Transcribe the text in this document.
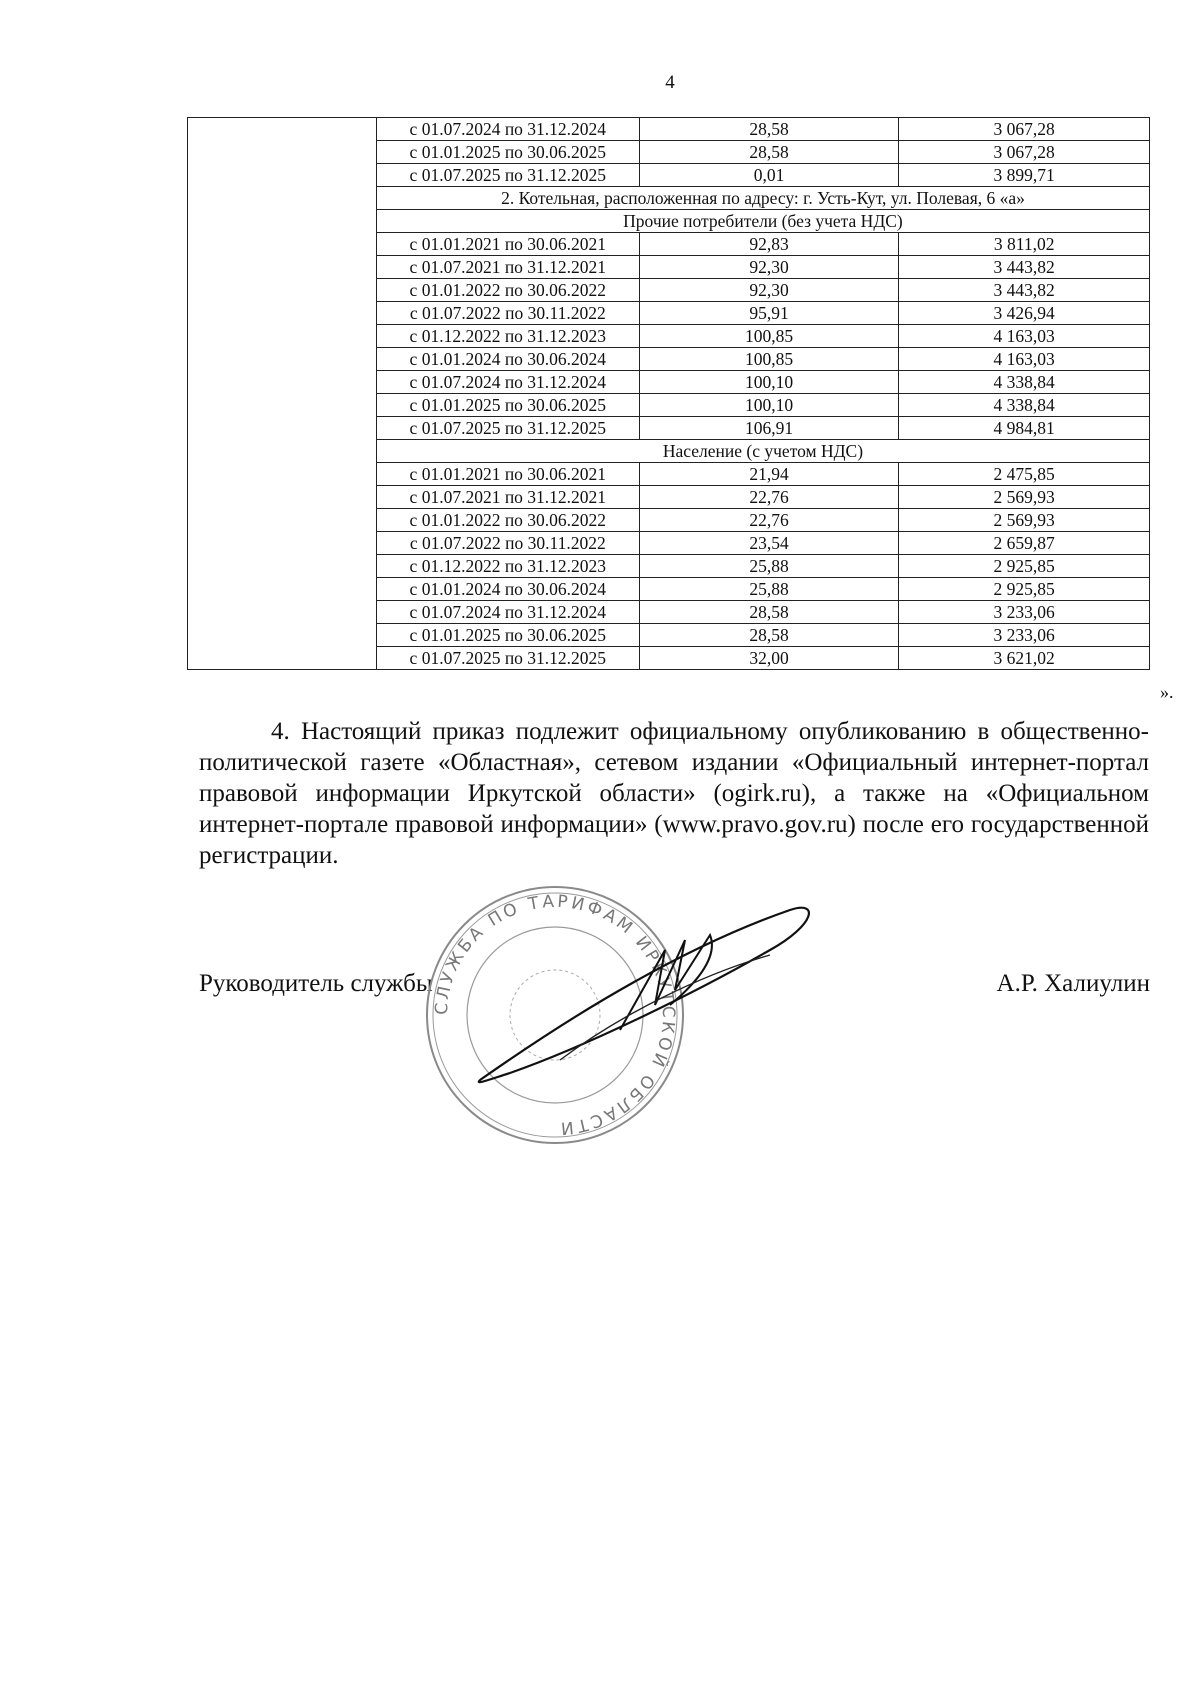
4
	с 01.07.2024 по 31.12.2024	28,58	3 067,28
	с 01.01.2025 по 30.06.2025	28,58	3 067,28
	с 01.07.2025 по 31.12.2025	0,01	3 899,71
	2. Котельная, расположенная по адресу: г. Усть-Кут, ул. Полевая, 6 «а»		
	Прочие потребители (без учета НДС)		
	с 01.01.2021 по 30.06.2021	92,83	3 811,02
	с 01.07.2021 по 31.12.2021	92,30	3 443,82
	с 01.01.2022 по 30.06.2022	92,30	3 443,82
	с 01.07.2022 по 30.11.2022	95,91	3 426,94
	с 01.12.2022 по 31.12.2023	100,85	4 163,03
	с 01.01.2024 по 30.06.2024	100,85	4 163,03
	с 01.07.2024 по 31.12.2024	100,10	4 338,84
	с 01.01.2025 по 30.06.2025	100,10	4 338,84
	с 01.07.2025 по 31.12.2025	106,91	4 984,81
	Население (с учетом НДС)		
	с 01.01.2021 по 30.06.2021	21,94	2 475,85
	с 01.07.2021 по 31.12.2021	22,76	2 569,93
	с 01.01.2022 по 30.06.2022	22,76	2 569,93
	с 01.07.2022 по 30.11.2022	23,54	2 659,87
	с 01.12.2022 по 31.12.2023	25,88	2 925,85
	с 01.01.2024 по 30.06.2024	25,88	2 925,85
	с 01.07.2024 по 31.12.2024	28,58	3 233,06
	с 01.01.2025 по 30.06.2025	28,58	3 233,06
	с 01.07.2025 по 31.12.2025	32,00	3 621,02
».
4. Настоящий приказ подлежит официальному опубликованию в общественно-политической газете «Областная», сетевом издании «Официальный интернет-портал правовой информации Иркутской области» (ogirk.ru), а также на «Официальном интернет-портале правовой информации» (www.pravo.gov.ru) после его государственной регистрации.
Руководитель службы	А.Р. Халиулин
СЛУЖБА ПО ТАРИФАМ ИРКУТСКОЙ ОБЛАСТИ
